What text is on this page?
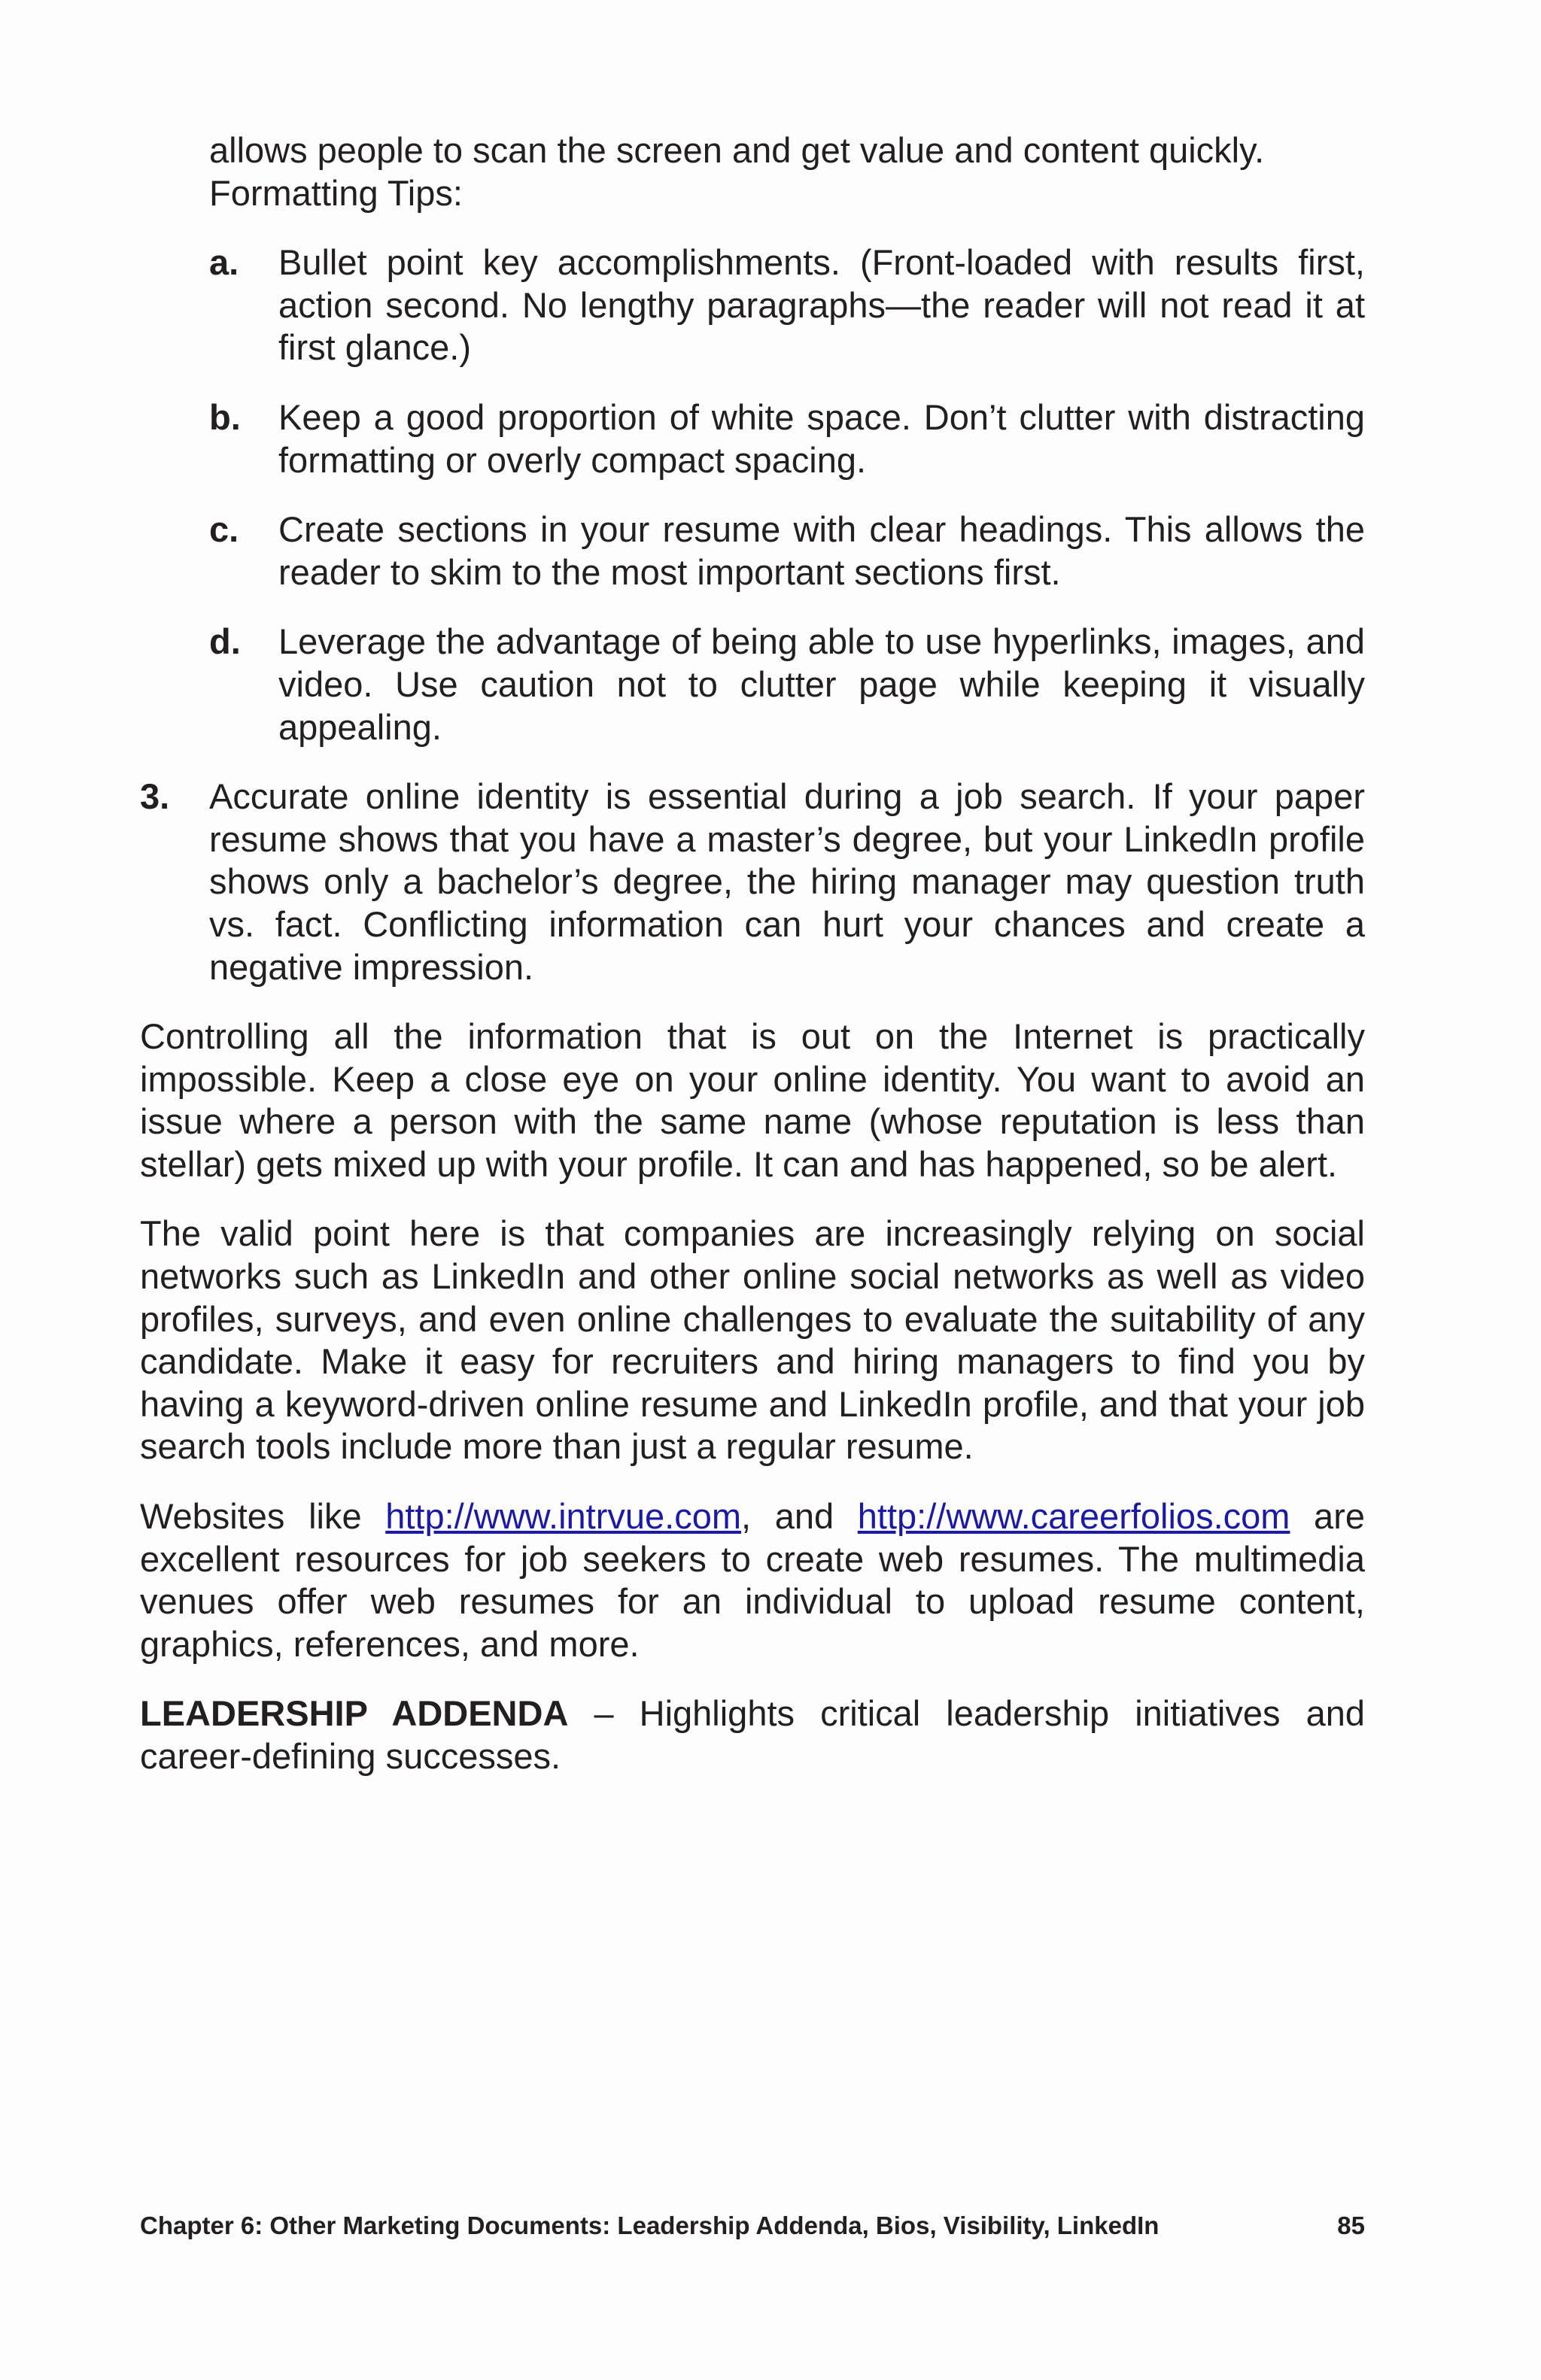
allows people to scan the screen and get value and content quickly.

Formatting Tips:

a.	Bullet point key accomplishments. (Front-loaded with results first, action second. No lengthy paragraphs—the reader will not read it at first glance.)
b.	Keep a good proportion of white space. Don’t clutter with distracting formatting or overly compact spacing.
c.	Create sections in your resume with clear headings. This allows the reader to skim to the most important sections first.
d.	Leverage the advantage of being able to use hyperlinks, images, and video. Use caution not to clutter page while keeping it visually appealing.
3.	Accurate online identity is essential during a job search. If your paper resume shows that you have a master’s degree, but your LinkedIn profile shows only a bachelor’s degree, the hiring manager may question truth vs. fact. Conflicting information can hurt your chances and create a negative impression.

Controlling all the information that is out on the Internet is practically impossible. Keep a close eye on your online identity. You want to avoid an issue where a person with the same name (whose reputation is less than stellar) gets mixed up with your profile. It can and has happened, so be alert.

The valid point here is that companies are increasingly relying on social networks such as LinkedIn and other online social networks as well as video profiles, surveys, and even online challenges to evaluate the suitability of any candidate. Make it easy for recruiters and hiring managers to find you by having a keyword-driven online resume and LinkedIn profile, and that your job search tools include more than just a regular resume.

Websites like http://www.intrvue.com, and http://www.careerfolios.com are excellent resources for job seekers to create web resumes. The multimedia venues offer web resumes for an individual to upload resume content, graphics, references, and more.

LEADERSHIP ADDENDA – Highlights critical leadership initiatives and career-defining successes.

Chapter 6: Other Marketing Documents: Leadership Addenda, Bios, Visibility, LinkedIn	85
